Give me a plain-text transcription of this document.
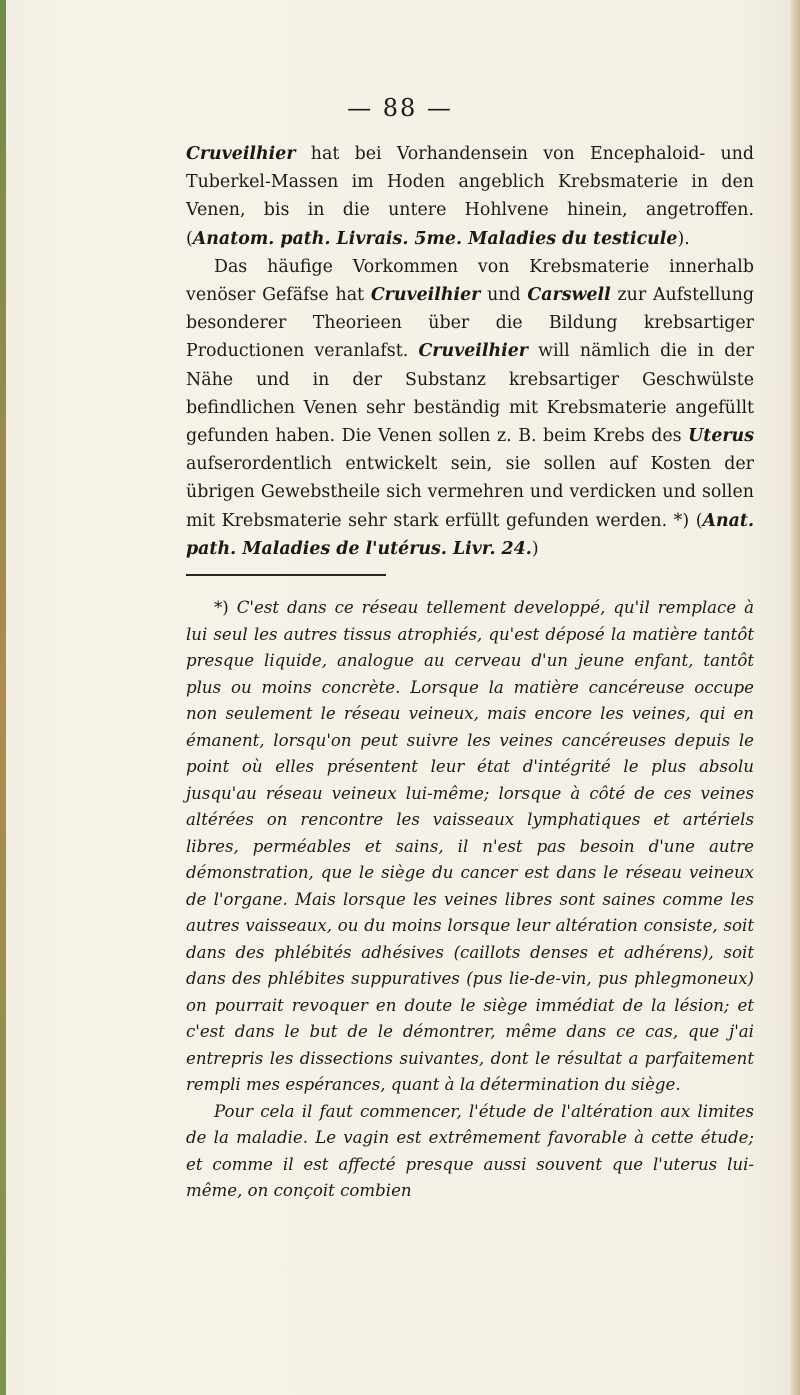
— 88 —

Cruveilhier hat bei Vorhandensein von Encephaloid- und Tuberkel-Massen im Hoden angeblich Krebsmaterie in den Venen, bis in die untere Hohlvene hinein, angetroffen. (Anatom. path. Livrais. 5me. Maladies du testicule).

Das häufige Vorkommen von Krebsmaterie innerhalb venöser Gefäfse hat Cruveilhier und Carswell zur Aufstellung besonderer Theorieen über die Bildung krebsartiger Productionen veranlafst. Cruveilhier will nämlich die in der Nähe und in der Substanz krebsartiger Geschwülste befindlichen Venen sehr beständig mit Krebsmaterie angefüllt gefunden haben. Die Venen sollen z. B. beim Krebs des Uterus aufserordentlich entwickelt sein, sie sollen auf Kosten der übrigen Gewebstheile sich vermehren und verdicken und sollen mit Krebsmaterie sehr stark erfüllt gefunden werden. *) (Anat. path. Maladies de l'utérus. Livr. 24.)

*) C'est dans ce réseau tellement developpé, qu'il remplace à lui seul les autres tissus atrophiés, qu'est déposé la matière tantôt presque liquide, analogue au cerveau d'un jeune enfant, tantôt plus ou moins concrète. Lorsque la matière cancéreuse occupe non seulement le réseau veineux, mais encore les veines, qui en émanent, lorsqu'on peut suivre les veines cancéreuses depuis le point où elles présentent leur état d'intégrité le plus absolu jusqu'au réseau veineux lui-même; lorsque à côté de ces veines altérées on rencontre les vaisseaux lymphatiques et artériels libres, perméables et sains, il n'est pas besoin d'une autre démonstration, que le siège du cancer est dans le réseau veineux de l'organe. Mais lorsque les veines libres sont saines comme les autres vaisseaux, ou du moins lorsque leur altération consiste, soit dans des phlébités adhésives (caillots denses et adhérens), soit dans des phlébites suppuratives (pus lie-de-vin, pus phlegmoneux) on pourrait revoquer en doute le siège immédiat de la lésion; et c'est dans le but de le démontrer, même dans ce cas, que j'ai entrepris les dissections suivantes, dont le résultat a parfaitement rempli mes espérances, quant à la détermination du siège.

Pour cela il faut commencer, l'étude de l'altération aux limites de la maladie. Le vagin est extrêmement favorable à cette étude; et comme il est affecté presque aussi souvent que l'uterus lui-même, on conçoit combien
